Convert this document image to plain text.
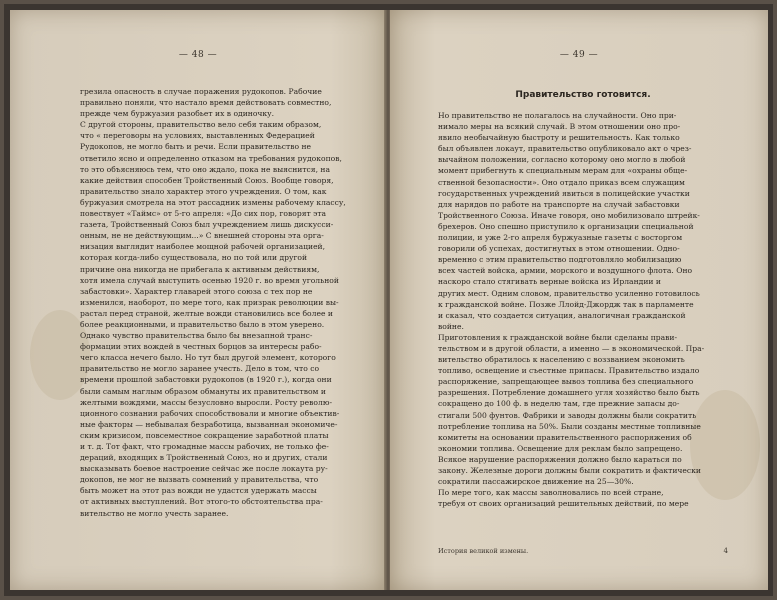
— 48 —
грезила опасность в случае поражения рудокопов. Рабочие
правильно поняли, что настало время действовать совместно,
прежде чем буржуазия разобьет их в одиночку.
С другой стороны, правительство вело себя таким образом,
что « переговоры на условиях, выставленных Федерацией
Рудокопов, не могло быть и речи. Если правительство не
ответило ясно и определенно отказом на требования рудокопов,
то это объясняюсь тем, что оно ждало, пока не выяснится, на
какие действия способен Тройственный Союз. Вообще говоря,
правительство знало характер этого учреждения. О том, как
буржуазия смотрела на этот рассадник измены рабочему классу,
повествует «Таймс» от 5-го апреля: «До сих пор, говорят эта
газета, Тройственный Союз был учреждением лишь дискусси-
онным, не не действующим...» С внешней стороны эта орга-
низация выглядит наиболее мощной рабочей организацией,
которая когда-либо существовала, но по той или другой
причине она никогда не прибегала к активным действиям,
хотя имела случай выступить осенью 1920 г. во время угольной
забастовки». Характер главарей этого союза с тех пор не
изменился, наоборот, по мере того, как призрак революции вы-
растал перед страной, желтые вожди становились все более и
более реакционными, и правительство было в этом уверено.
Однако чувство правительства было бы внезапной транс-
формации этих вождей в честных борцов за интересы рабо-
чего класса нечего было. Но тут был другой элемент, которого
правительство не могло заранее учесть. Дело в том, что со
времени прошлой забастовки рудокопов (в 1920 г.), когда они
были самым наглым образом обмануты их правительством и
желтыми вождями, массы безусловно выросли. Росту револю-
ционного сознания рабочих способствовали и многие объектив-
ные факторы — небывалая безработица, вызванная экономиче-
ским кризисом, повсеместное сокращение заработной платы
и т. д. Тот факт, что громадные массы рабочих, не только фе-
дераций, входящих в Тройственный Союз, но и других, стали
высказывать боевое настроение сейчас же после локаута ру-
докопов, не мог не вызвать сомнений у правительства, что
быть может на этот раз вожди не удастся удержать массы
от активных выступлений. Вот этого-то обстоятельства пра-
вительство не могло учесть заранее.
— 49 —
Правительство готовится.
Но правительство не полагалось на случайности. Оно при-
нимало меры на всякий случай. В этом отношении оно про-
явило необычайную быстроту и решительность. Как только
был объявлен локаут, правительство опубликовало акт о чрез-
вычайном положении, согласно которому оно могло в любой
момент прибегнуть к специальным мерам для «охраны обще-
ственной безопасности». Оно отдало приказ всем служащим
государственных учреждений явиться в полицейские участки
для нарядов по работе на транспорте на случай забастовки
Тройственного Союза. Иначе говоря, оно мобилизовало штрейк-
брехеров. Оно спешно приступило к организации специальной
полиции, и уже 2-го апреля буржуазные газеты с восторгом
говорили об успехах, достигнутых в этом отношении. Одно-
временно с этим правительство подготовляло мобилизацию
всех частей войска, армии, морского и воздушного флота. Оно
наскоро стало стягивать верные войска из Ирландии и
других мест. Одним словом, правительство усиленно готовилось
к гражданской войне. Позже Ллойд-Джордж так в парламенте
и сказал, что создается ситуация, аналогичная гражданской
войне.
Приготовления к гражданской войне были сделаны прави-
тельством и в другой области, а именно — в экономической. Пра-
вительство обратилось к населению с воззванием экономить
топливо, освещение и съестные припасы. Правительство издало
распоряжение, запрещающее вывоз топлива без специального
разрешения. Потребление домашнего угля хозяйство было быть
сокращено до 100 ф. в неделю там, где прежние запасы до-
стигали 500 фунтов. Фабрики и заводы должны были сократить
потребление топлива на 50%. Были созданы местные топливные
комитеты на основании правительственного распоряжения об
экономии топлива. Освещение для реклам было запрещено.
Всякое нарушение распоряжения должно было караться по
закону. Железные дороги должны были сократить и фактически
сократили пассажирское движение на 25—30%.
По мере того, как массы заволновались по всей стране,
требуя от своих организаций решительных действий, по мере
История великой измены.	4
